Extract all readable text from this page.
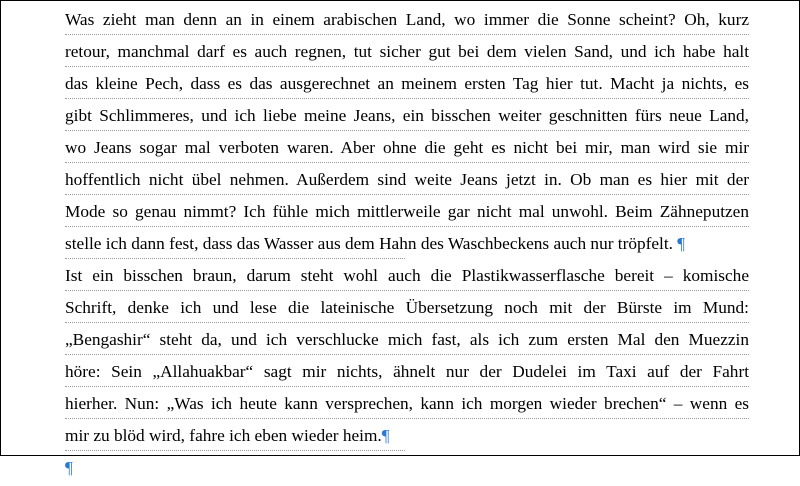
Was zieht man denn an in einem arabischen Land, wo immer die Sonne scheint? Oh, kurz
retour, manchmal darf es auch regnen, tut sicher gut bei dem vielen Sand, und ich habe halt
das kleine Pech, dass es das ausgerechnet an meinem ersten Tag hier tut. Macht ja nichts, es
gibt Schlimmeres, und ich liebe meine Jeans, ein bisschen weiter geschnitten fürs neue Land,
wo Jeans sogar mal verboten waren. Aber ohne die geht es nicht bei mir, man wird sie mir
hoffentlich nicht übel nehmen. Außerdem sind weite Jeans jetzt in. Ob man es hier mit der
Mode so genau nimmt? Ich fühle mich mittlerweile gar nicht mal unwohl. Beim Zähneputzen
stelle ich dann fest, dass das Wasser aus dem Hahn des Waschbeckens auch nur tröpfelt. ¶
Ist ein bisschen braun, darum steht wohl auch die Plastikwasserflasche bereit – komische
Schrift, denke ich und lese die lateinische Übersetzung noch mit der Bürste im Mund:
„Bengashir“ steht da, und ich verschlucke mich fast, als ich zum ersten Mal den Muezzin
höre: Sein „Allahuakbar“ sagt mir nichts, ähnelt nur der Dudelei im Taxi auf der Fahrt
hierher. Nun: „Was ich heute kann versprechen, kann ich morgen wieder brechen“ – wenn es
mir zu blöd wird, fahre ich eben wieder heim.¶
¶
